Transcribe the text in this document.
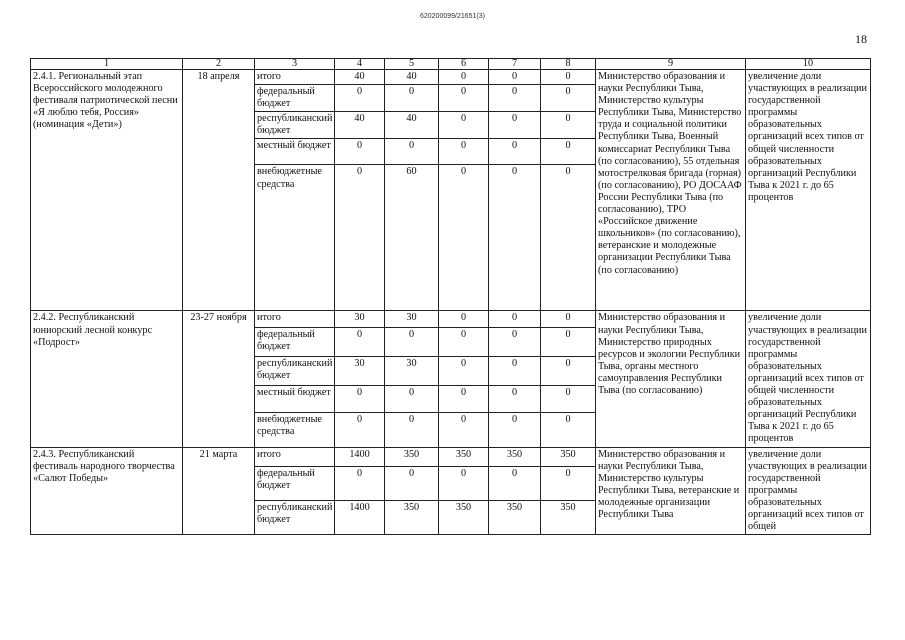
620200099/21651(3)
18
1	2	3	4	5	6	7	8	9	10
2.4.1. Региональный этап Всероссийского молодежного фестиваля патриотической песни «Я люблю тебя, Россия» (номинация «Дети»)	18 апреля	итого	40	40	0	0	0	Министерство образования и науки Республики Тыва, Министерство культуры Республики Тыва, Министерство труда и социальной политики Республики Тыва, Военный комиссариат Республики Тыва (по согласованию), 55 отдельная мотострелковая бригада (горная) (по согласованию), РО ДОСААФ России Республики Тыва (по согласованию), ТРО «Российское движение школьников» (по согласованию), ветеранские и молодежные организации Республики Тыва (по согласованию)	увеличение доли участвующих в реализации государственной программы образовательных организаций всех типов от общей численности образовательных организаций Республики Тыва к 2021 г. до 65 процентов
		федеральный бюджет	0	0	0	0	0		
		республиканский бюджет	40	40	0	0	0		
		местный бюджет	0	0	0	0	0		
		внебюджетные средства	0	60	0	0	0		
2.4.2. Республиканский юниорский лесной конкурс «Подрост»	23-27 ноября	итого	30	30	0	0	0	Министерство образования и науки Республики Тыва, Министерство природных ресурсов и экологии Республики Тыва, органы местного самоуправления Республики Тыва (по согласованию)	увеличение доли участвующих в реализации государственной программы образовательных организаций всех типов от общей численности образовательных организаций Республики Тыва к 2021 г. до 65 процентов
		федеральный бюджет	0	0	0	0	0		
		республиканский бюджет	30	30	0	0	0		
		местный бюджет	0	0	0	0	0		
		внебюджетные средства	0	0	0	0	0		
2.4.3. Республиканский фестиваль народного творчества «Салют Победы»	21 марта	итого	1400	350	350	350	350	Министерство образования и науки Республики Тыва, Министерство культуры Республики Тыва, ветеранские и молодежные организации Республики Тыва	увеличение доли участвующих в реализации государственной программы образовательных организаций всех типов от общей
		федеральный бюджет	0	0	0	0	0		
		республиканский бюджет	1400	350	350	350	350		
